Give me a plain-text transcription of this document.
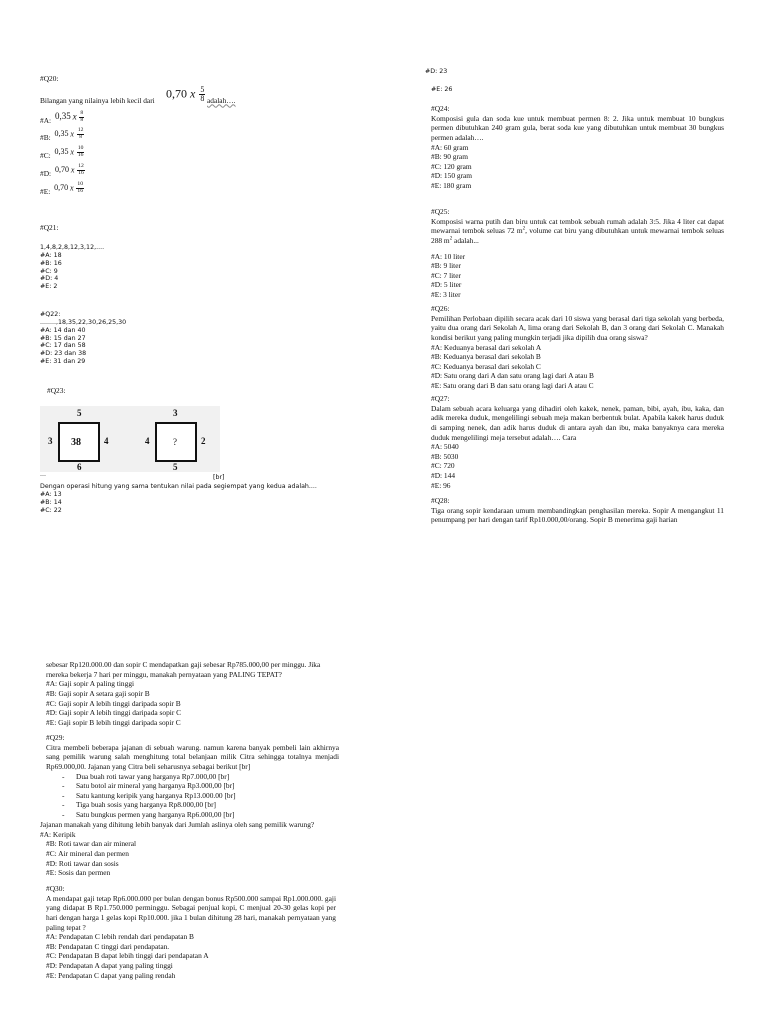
#Q20:
Bilangan yang nilainya lebih kecil dari
0,70 x $\frac{5}{8}$ adalah….
#A: 0,35 x $\frac{8}{8}$
#B: 0,35 x $\frac{12}{8}$
#C: 0,35 x $\frac{10}{16}$
#D: 0,70 x $\frac{12}{16}$
#E: 0,70 x $\frac{10}{16}$
#Q21:
1,4,8,2,8,12,3,12,....
#A: 18
#B: 16
#C: 9
#D: 4
#E: 2
#Q22:
........,18,35,22,30,26,25,30
#A: 14 dan 40
#B: 15 dan 27
#C: 17 dan 58
#D: 23 dan 38
#E: 31 dan 29
#Q23:
5
3 38	4
6
3
4	?	2
5
...	[br]
Dengan operasi hitung yang sama tentukan nilai pada segiempat yang kedua adalah....
#A: 13
#B: 14
#C: 22
#D: 23
#E: 26
#Q24:
Komposisi gula dan soda kue untuk membuat permen 8: 2. Jika untuk membuat 10 bungkus permen dibutuhkan 240 gram gula, berat soda kue yang dibutuhkan untuk membuat 30 bungkus permen adalah….
#A: 60 gram
#B: 90 gram
#C: 120 gram
#D: 150 gram
#E: 180 gram
#Q25:
Komposisi warna putih dan biru untuk cat tembok sebuah rumah adalah 3:5. Jika 4 liter cat dapat mewarnai tembok seluas 72 $m^2$, volume cat biru yang dibutuhkan untuk mewarnai tembok seluas 288 $m^2$ adalah...
#A: 10 liter
#B: 9 liter
#C: 7 liter
#D: 5 liter
#E: 3 liter
#Q26:
Pemilihan Perlobaan dipilih secara acak dari 10 siswa yang berasal dari tiga sekolah yang berbeda, yaitu dua orang dari Sekolah A, lima orang dari Sekolah B, dan 3 orang dari Sekolah C. Manakah kondisi berikut yang paling mungkin terjadi jika dipilih dua orang siswa?
#A: Keduanya berasal dari sekolah A
#B: Keduanya berasal dari sekolah B
#C: Keduanya berasal dari sekolah C
#D: Satu orang dari A dan satu orang lagi dari A atau B
#E: Satu orang dari B dan satu orang lagi dari A atau C
#Q27:
Dalam sebuah acara keluarga yang dihadiri oleh kakek, nenek, paman, bibi, ayah, ibu, kaka, dan adik mereka duduk, mengelilingi sebuah meja makan berbentuk bulat. Apabila kakek harus duduk di samping nenek, dan adik harus duduk di antara ayah dan ibu, maka banyaknya cara mereka duduk mengelilingi meja tersebut adalah…. Cara
#A: 5040
#B: 5030
#C: 720
#D: 144
#E: 96
#Q28:
Tiga orang sopir kendaraan umum membandingkan penghasilan mereka. Sopir A mengangkut 11 penumpang per hari dengan tarif Rp10.000,00/orang. Sopir B menerima gaji harian
sebesar Rp120.000.00 dan sopir C mendapatkan gaji sebesar Rp785.000,00 per minggu. Jika rnereka bekerja 7 hari per minggu, manakah pernyataan yang PALING TEPAT?
#A: Gaji sopir A paling tinggi
#B: Gaji sopir A setara gaji sopir B
#C: Gaji sopir A lebih tinggi daripada sopir B
#D: Gaji sopir A lebih tinggi daripada sopir C
#E: Gaji sopir B lebih tinggi daripada sopir C
#Q29:
Citra membeli beberapa jajanan di sebuah warung. namun karena banyak pembeli lain akhirnya sang pemilik warung salah menghitung total belanjaan milik Citra sehingga totalnya menjadi Rp69.000,00. Jajanan yang Citra beli seharusnya sebagai berikut [br]
- Dua buah roti tawar yang harganya Rp7.000,00 [br]
- Satu botol air mineral yang harganya Rp3.000,00 [br]
- Satu kantung keripik yang harganya Rp13.000.00 [br]
- Tiga buah sosis yang harganya Rp8.000,00 [br]
- Satu bungkus permen yang harganya Rp6.000,00 [br]
Jajanan manakah yang dihitung lebih banyak dari Jumlah aslinya oleh sang pemilik warung?
#A: Keripik
#B: Roti tawar dan air mineral
#C: Air mineral dan permen
#D: Roti tawar dan sosis
#E: Sosis dan permen
#Q30:
A mendapat gaji tetap Rp6.000.000 per bulan dengan bonus Rp500.000 sampai Rp1.000.000. gaji yang didapat B Rp1.750.000 perminggu. Sebagai penjual kopi, C menjual 20-30 gelas kopi per hari dengan harga 1 gelas kopi Rp10.000. jika 1 bulan dihitung 28 hari, manakah pernyataan yang paling tepat ?
#A: Pendapatan C lebih rendah dari pendapatan B
#B: Pendapatan C tinggi dari pendapatan.
#C: Pendapatan B dapat lebih tinggi dari pendapatan A
#D: Pendapatan A dapat yang paling tinggi
#E: Pendapatan C dapat yang paling rendah
